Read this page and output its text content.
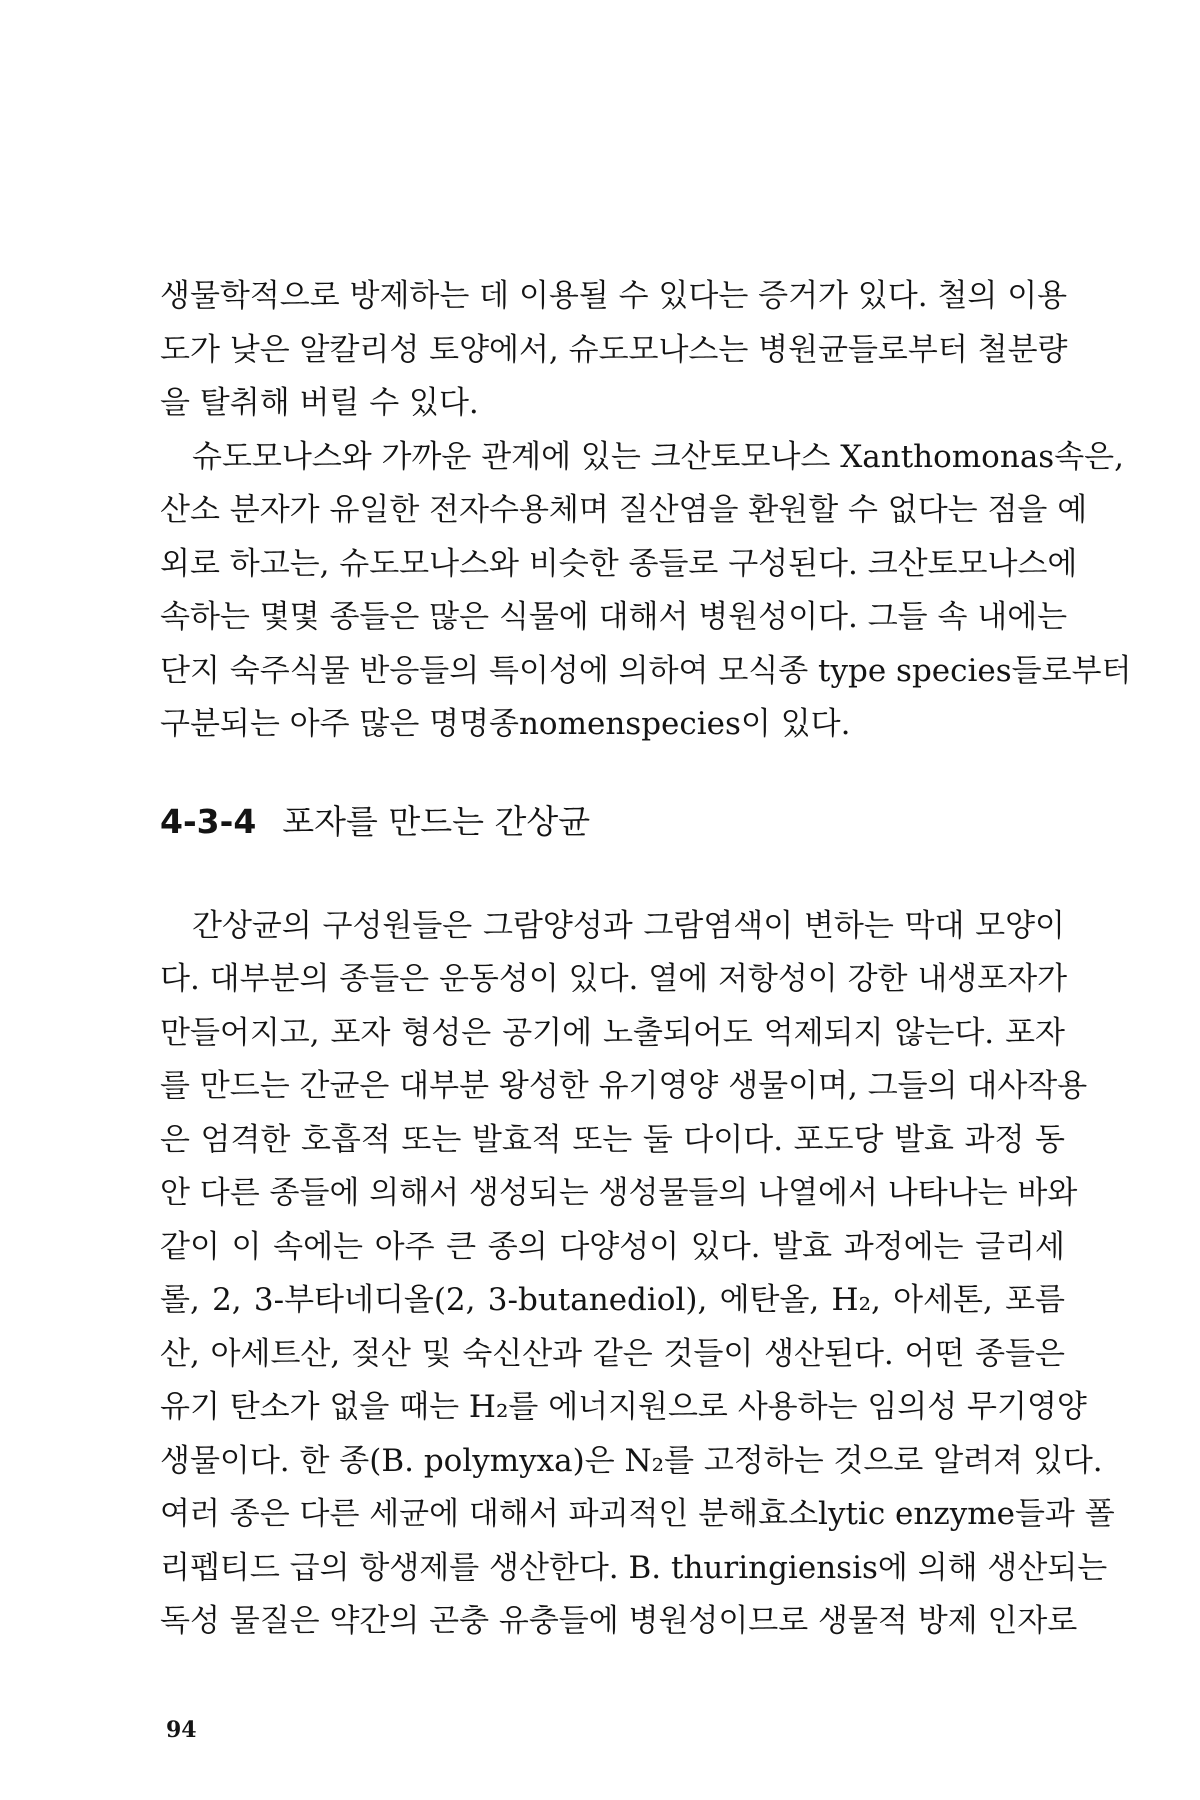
생물학적으로 방제하는 데 이용될 수 있다는 증거가 있다. 철의 이용
도가 낮은 알칼리성 토양에서, 슈도모나스는 병원균들로부터 철분량
을 탈취해 버릴 수 있다.
슈도모나스와 가까운 관계에 있는 크산토모나스 Xanthomonas속은,
산소 분자가 유일한 전자수용체며 질산염을 환원할 수 없다는 점을 예
외로 하고는, 슈도모나스와 비슷한 종들로 구성된다. 크산토모나스에
속하는 몇몇 종들은 많은 식물에 대해서 병원성이다. 그들 속 내에는
단지 숙주식물 반응들의 특이성에 의하여 모식종 type species들로부터
구분되는 아주 많은 명명종nomenspecies이 있다.
4-3-4 포자를 만드는 간상균
간상균의 구성원들은 그람양성과 그람염색이 변하는 막대 모양이
다. 대부분의 종들은 운동성이 있다. 열에 저항성이 강한 내생포자가
만들어지고, 포자 형성은 공기에 노출되어도 억제되지 않는다. 포자
를 만드는 간균은 대부분 왕성한 유기영양 생물이며, 그들의 대사작용
은 엄격한 호흡적 또는 발효적 또는 둘 다이다. 포도당 발효 과정 동
안 다른 종들에 의해서 생성되는 생성물들의 나열에서 나타나는 바와
같이 이 속에는 아주 큰 종의 다양성이 있다. 발효 과정에는 글리세
롤, 2, 3-부타네디올(2, 3-butanediol), 에탄올, H₂, 아세톤, 포름
산, 아세트산, 젖산 및 숙신산과 같은 것들이 생산된다. 어떤 종들은
유기 탄소가 없을 때는 H₂를 에너지원으로 사용하는 임의성 무기영양
생물이다. 한 종(B. polymyxa)은 N₂를 고정하는 것으로 알려져 있다.
여러 종은 다른 세균에 대해서 파괴적인 분해효소lytic enzyme들과 폴
리펩티드 급의 항생제를 생산한다. B. thuringiensis에 의해 생산되는
독성 물질은 약간의 곤충 유충들에 병원성이므로 생물적 방제 인자로
94
